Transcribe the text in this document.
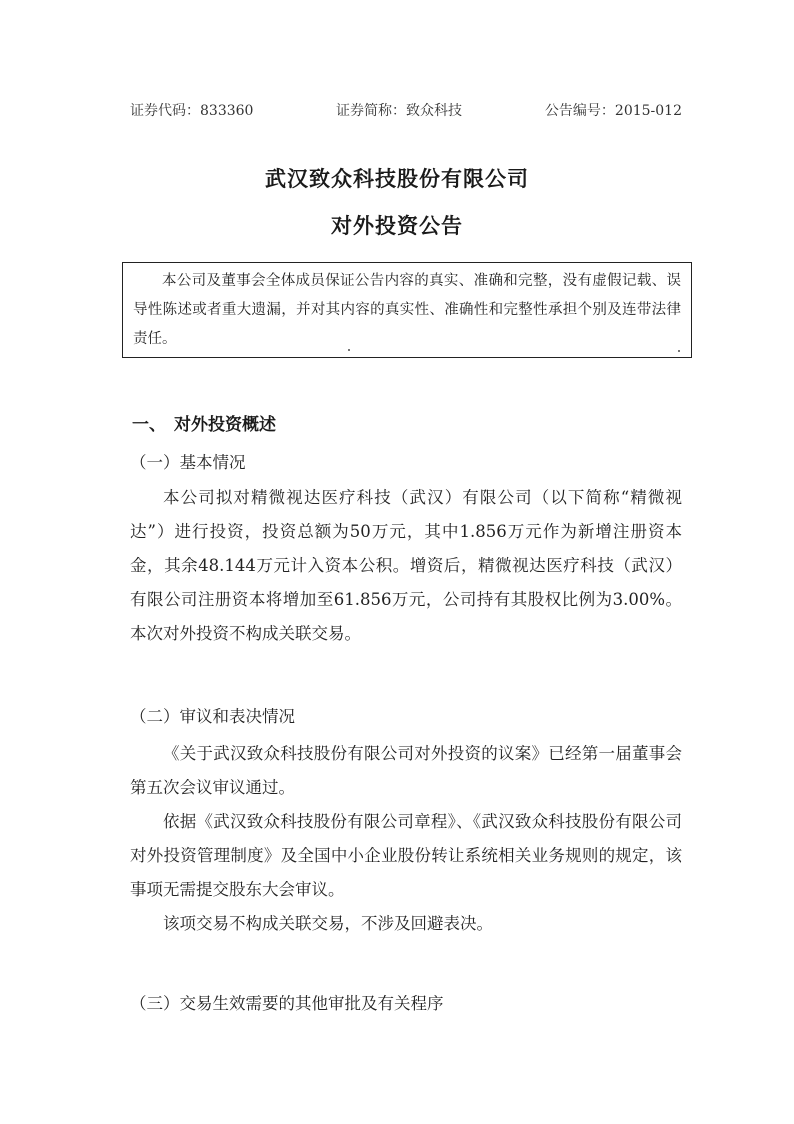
证券代码：833360	证券简称：致众科技	公告编号：2015-012
武汉致众科技股份有限公司
对外投资公告
本公司及董事会全体成员保证公告内容的真实、准确和完整，没有虚假记载、误导性陈述或者重大遗漏，并对其内容的真实性、准确性和完整性承担个别及连带法律责任。
一、 对外投资概述
（一）基本情况
本公司拟对精微视达医疗科技（武汉）有限公司（以下简称“精微视达”）进行投资，投资总额为50万元，其中1.856万元作为新增注册资本金，其余48.144万元计入资本公积。增资后，精微视达医疗科技（武汉）有限公司注册资本将增加至61.856万元，公司持有其股权比例为3.00%。本次对外投资不构成关联交易。
（二）审议和表决情况
《关于武汉致众科技股份有限公司对外投资的议案》已经第一届董事会第五次会议审议通过。
依据《武汉致众科技股份有限公司章程》、《武汉致众科技股份有限公司对外投资管理制度》及全国中小企业股份转让系统相关业务规则的规定，该事项无需提交股东大会审议。
该项交易不构成关联交易，不涉及回避表决。
（三）交易生效需要的其他审批及有关程序
